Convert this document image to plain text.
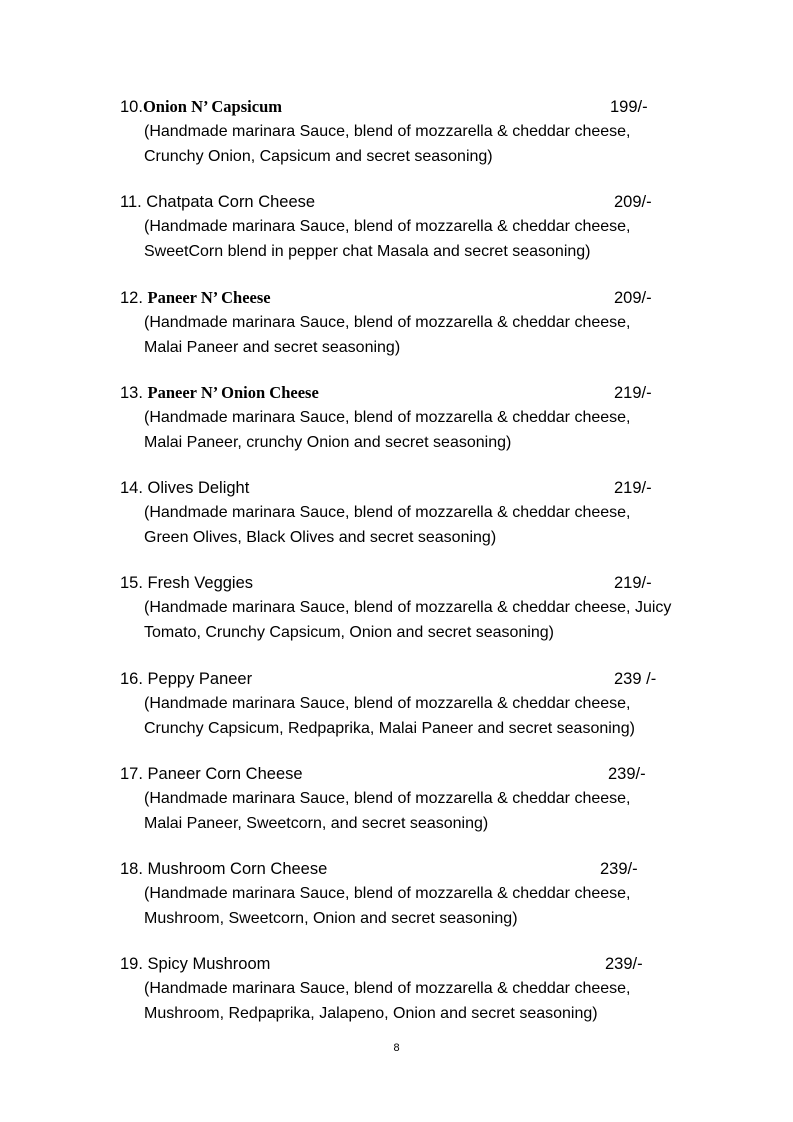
10.Onion N’ Capsicum	199/-
(Handmade marinara Sauce, blend of mozzarella & cheddar cheese,
Crunchy Onion, Capsicum and secret seasoning)
11. Chatpata Corn Cheese	209/-
(Handmade marinara Sauce, blend of mozzarella & cheddar cheese,
SweetCorn blend in pepper chat Masala and secret seasoning)
12. Paneer N’ Cheese	209/-
(Handmade marinara Sauce, blend of mozzarella & cheddar cheese,
Malai Paneer and secret seasoning)
13. Paneer N’ Onion Cheese	219/-
(Handmade marinara Sauce, blend of mozzarella & cheddar cheese,
Malai Paneer, crunchy Onion and secret seasoning)
14. Olives Delight	219/-
(Handmade marinara Sauce, blend of mozzarella & cheddar cheese,
Green Olives, Black Olives and secret seasoning)
15. Fresh Veggies	219/-
(Handmade marinara Sauce, blend of mozzarella & cheddar cheese, Juicy
Tomato, Crunchy Capsicum, Onion and secret seasoning)
16. Peppy Paneer	239 /-
(Handmade marinara Sauce, blend of mozzarella & cheddar cheese,
Crunchy Capsicum, Redpaprika, Malai Paneer and secret seasoning)
17. Paneer Corn Cheese	239/-
(Handmade marinara Sauce, blend of mozzarella & cheddar cheese,
Malai Paneer, Sweetcorn, and secret seasoning)
18. Mushroom Corn Cheese	239/-
(Handmade marinara Sauce, blend of mozzarella & cheddar cheese,
Mushroom, Sweetcorn, Onion and secret seasoning)
19. Spicy Mushroom	239/-
(Handmade marinara Sauce, blend of mozzarella & cheddar cheese,
Mushroom, Redpaprika, Jalapeno, Onion and secret seasoning)
8
